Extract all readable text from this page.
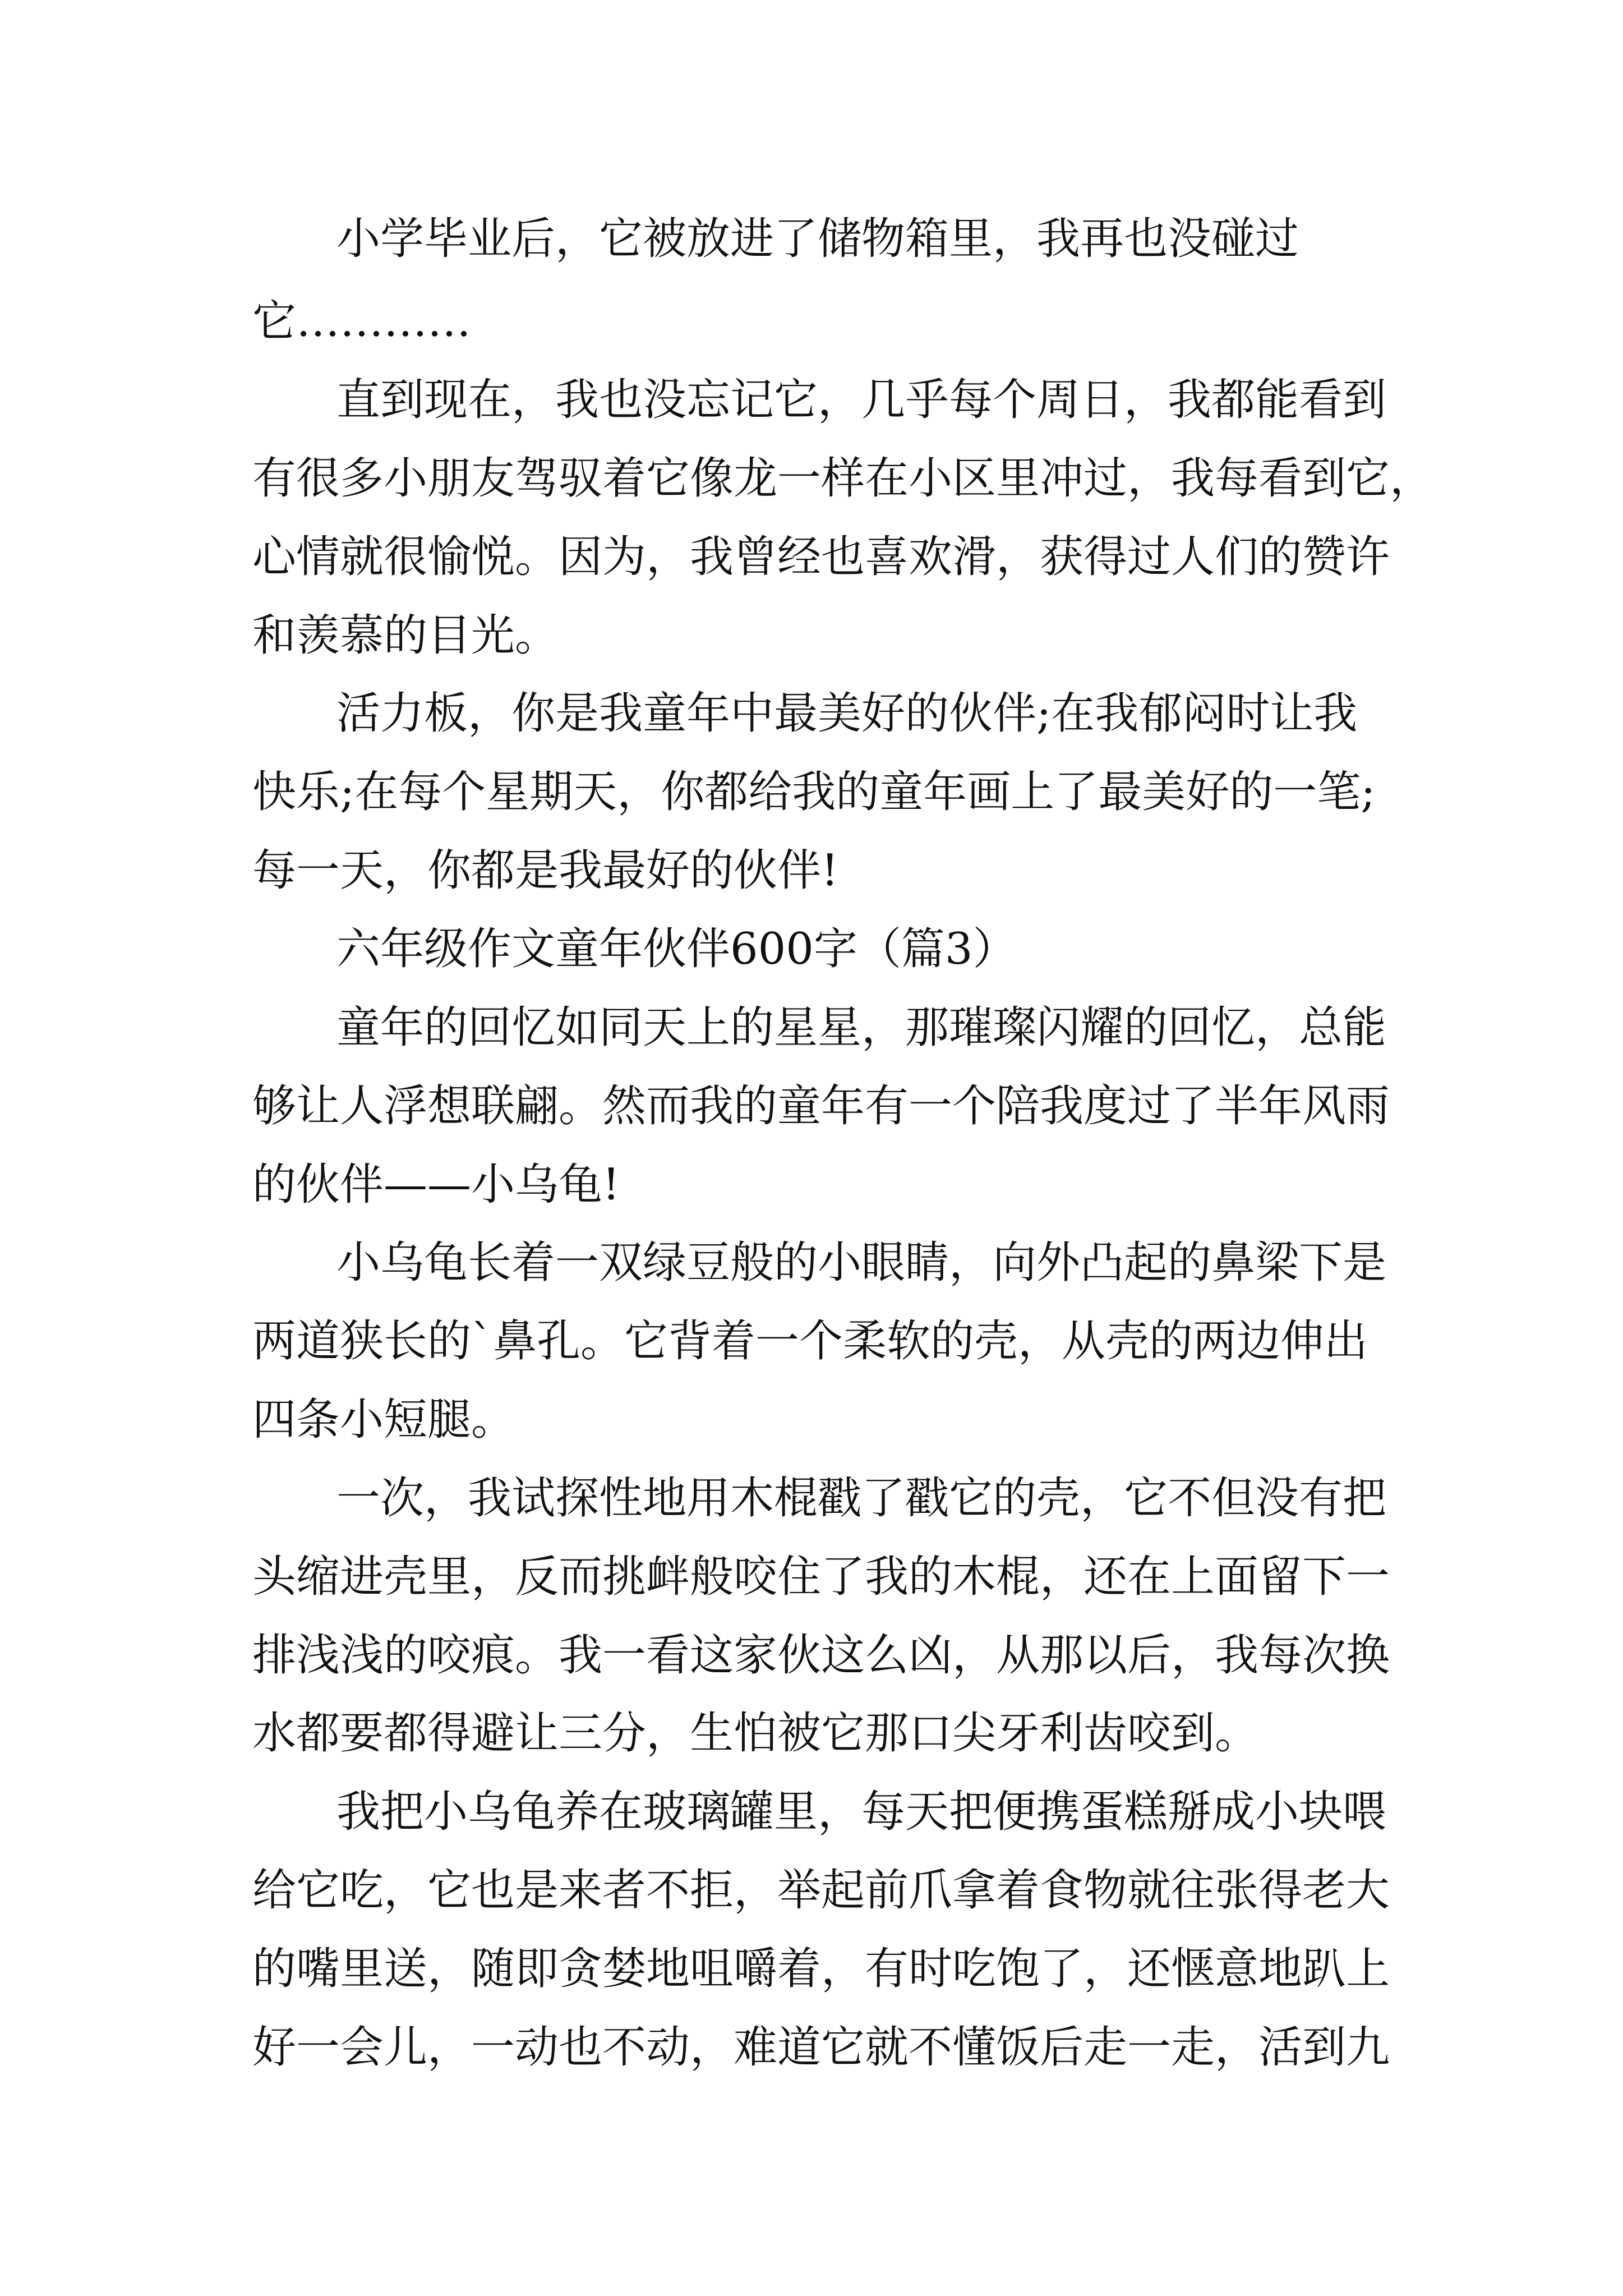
小学毕业后，它被放进了储物箱里，我再也没碰过
它…………
直到现在，我也没忘记它，几乎每个周日，我都能看到
有很多小朋友驾驭着它像龙一样在小区里冲过，我每看到它，
心情就很愉悦。因为，我曾经也喜欢滑，获得过人们的赞许
和羡慕的目光。
活力板，你是我童年中最美好的伙伴;在我郁闷时让我
快乐;在每个星期天，你都给我的童年画上了最美好的一笔;
每一天，你都是我最好的伙伴!
六年级作文童年伙伴600字（篇3）
童年的回忆如同天上的星星，那璀璨闪耀的回忆，总能
够让人浮想联翩。然而我的童年有一个陪我度过了半年风雨
的伙伴——小乌龟!
小乌龟长着一双绿豆般的小眼睛，向外凸起的鼻梁下是
两道狭长的`鼻孔。它背着一个柔软的壳，从壳的两边伸出
四条小短腿。
一次，我试探性地用木棍戳了戳它的壳，它不但没有把
头缩进壳里，反而挑衅般咬住了我的木棍，还在上面留下一
排浅浅的咬痕。我一看这家伙这么凶，从那以后，我每次换
水都要都得避让三分，生怕被它那口尖牙利齿咬到。
我把小乌龟养在玻璃罐里，每天把便携蛋糕掰成小块喂
给它吃，它也是来者不拒，举起前爪拿着食物就往张得老大
的嘴里送，随即贪婪地咀嚼着，有时吃饱了，还惬意地趴上
好一会儿，一动也不动，难道它就不懂饭后走一走，活到九
